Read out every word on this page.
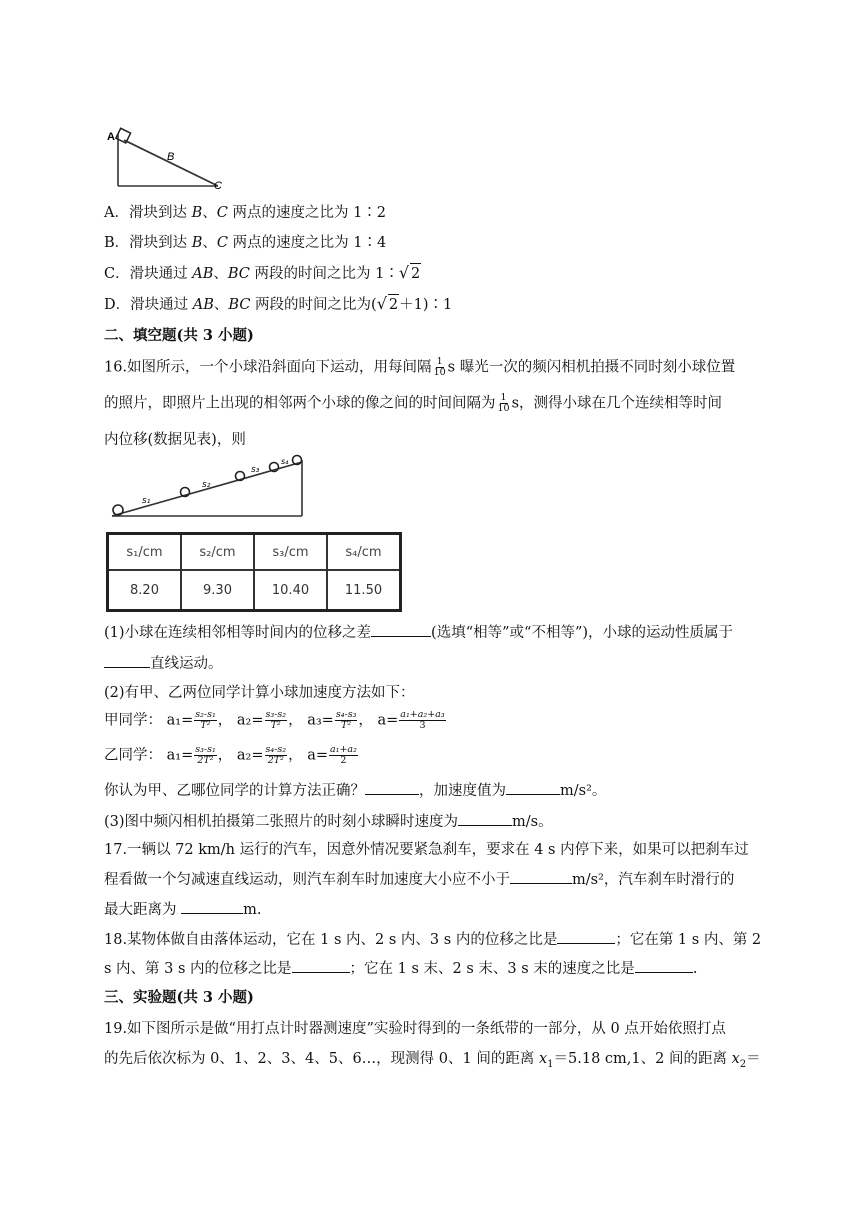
A
B
C
A．滑块到达 B、C 两点的速度之比为 1∶2
B．滑块到达 B、C 两点的速度之比为 1∶4
C．滑块通过 AB、BC 两段的时间之比为 1∶√ 2
D．滑块通过 AB、BC 两段的时间之比为(√ 2＋1)∶1
二、填空题(共 3 小题)
16.如图所示，一个小球沿斜面向下运动，用每间隔 $\frac{1}{10}$ s 曝光一次的频闪相机拍摄不同时刻小球位置
的照片，即照片上出现的相邻两个小球的像之间的时间间隔为 $\frac{1}{10}$ s，测得小球在几个连续相等时间
内位移(数据见表)，则
s₁
s₂
s₃
s₄
s₁/cm	s₂/cm	s₃/cm	s₄/cm
8.20	9.30	10.40	11.50
(1)小球在连续相邻相等时间内的位移之差	(选填“相等”或“不相等”)，小球的运动性质属于
直线运动。
(2)有甲、乙两位同学计算小球加速度方法如下：
甲同学： $a_1= \frac{\text{s₂-s₁}}{\text{T²}}$ ， $a_2= \frac{\text{s₃-s₂}}{\text{T²}}$ ， $a_3= \frac{\text{s₄-s₃}}{\text{T²}}$ ， $a= \frac{\text{a₁+a₂+a₃}}{3}$
乙同学： $a_1= \frac{\text{s₃-s₁}}{\text{2T²}}$ ， $a_2= \frac{\text{s₄-s₂}}{\text{2T²}}$ ， $a= \frac{\text{a₁+a₂}}{2}$
你认为甲、乙哪位同学的计算方法正确？	，加速度值为	m/s²。
(3)图中频闪相机拍摄第二张照片的时刻小球瞬时速度为	m/s。
17.一辆以 72 km/h 运行的汽车，因意外情况要紧急刹车，要求在 4 s 内停下来，如果可以把刹车过
程看做一个匀减速直线运动，则汽车刹车时加速度大小应不小于	m/s²，汽车刹车时滑行的
最大距离为	m.
18.某物体做自由落体运动，它在 1 s 内、2 s 内、3 s 内的位移之比是	；它在第 1 s 内、第 2
s 内、第 3 s 内的位移之比是	；它在 1 s 末、2 s 末、3 s 末的速度之比是	.
三、实验题(共 3 小题)
19.如下图所示是做“用打点计时器测速度”实验时得到的一条纸带的一部分，从 0 点开始依照打点
的先后依次标为 0、1、2、3、4、5、6…，现测得 0、1 间的距离 $x_1=5.18$ cm,1、2 间的距离 $x_2=$
